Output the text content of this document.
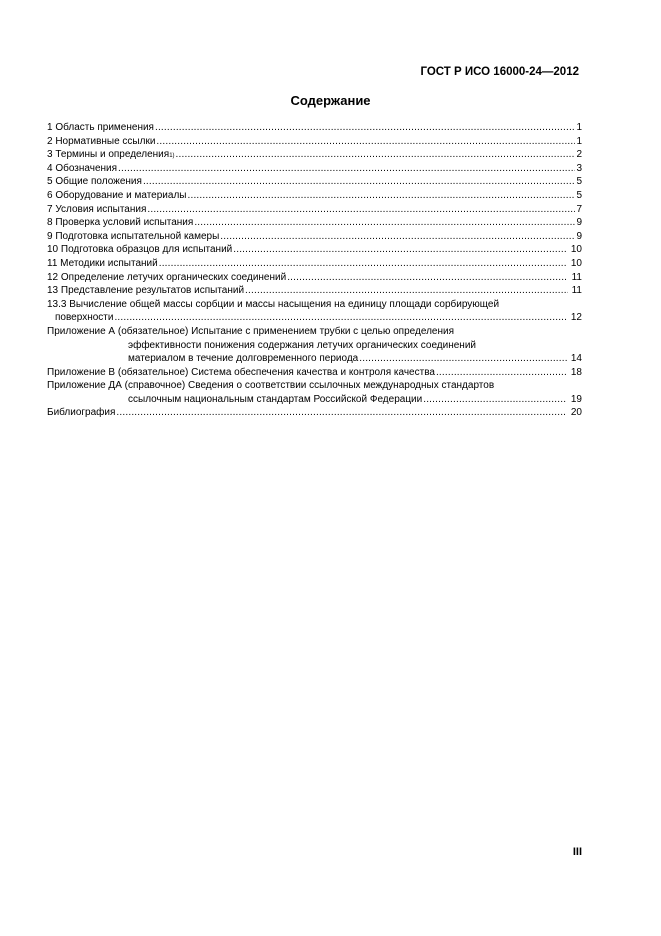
ГОСТ Р ИСО 16000-24—2012
Содержание
1 Область применения .....	1
2 Нормативные ссылки .....	1
3 Термины и определения 1) .....	2
4 Обозначения .....	3
5 Общие положения .....	5
6 Оборудование и материалы .....	5
7 Условия испытания .....	7
8 Проверка условий испытания .....	9
9 Подготовка испытательной камеры .....	9
10 Подготовка образцов для испытаний .....	10
11 Методики испытаний .....	10
12 Определение летучих органических соединений .....	11
13 Представление результатов испытаний .....	11
13.3 Вычисление общей массы сорбции и массы насыщения на единицу площади сорбирующей
поверхности .....	12
Приложение А (обязательное) Испытание с применением трубки с целью определения
эффективности понижения содержания летучих органических соединений
материалом в течение долговременного периода .....	14
Приложение В (обязательное) Система обеспечения качества и контроля качества .....	18
Приложение ДА (справочное) Сведения о соответствии ссылочных международных стандартов
ссылочным национальным стандартам Российской Федерации .....	19
Библиография .....	20
III
